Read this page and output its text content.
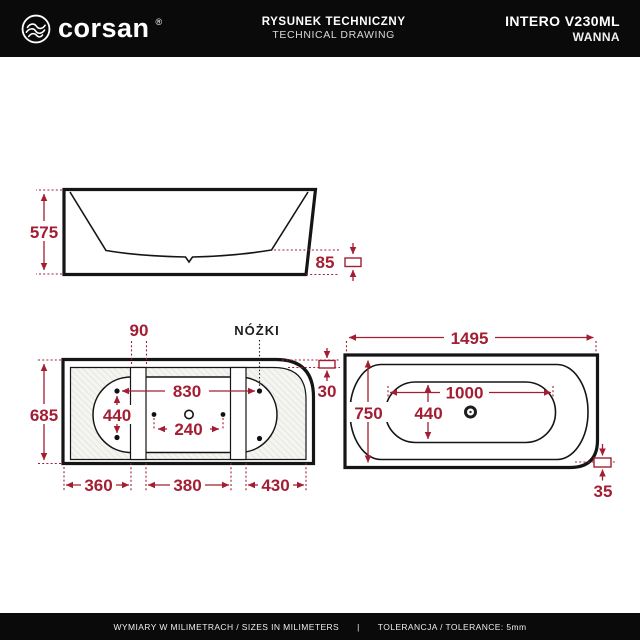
575
85
685
90	NÓŻKI
830
440
240
360	380	430
30
1495
750
1000
440
35
corsan ®	RYSUNEK TECHNICZNY
TECHNICAL DRAWING
INTERO V230ML
WANNA
WYMIARY W MILIMETRACH / SIZES IN MILIMETERS | TOLERANCJA / TOLERANCE: 5mm
